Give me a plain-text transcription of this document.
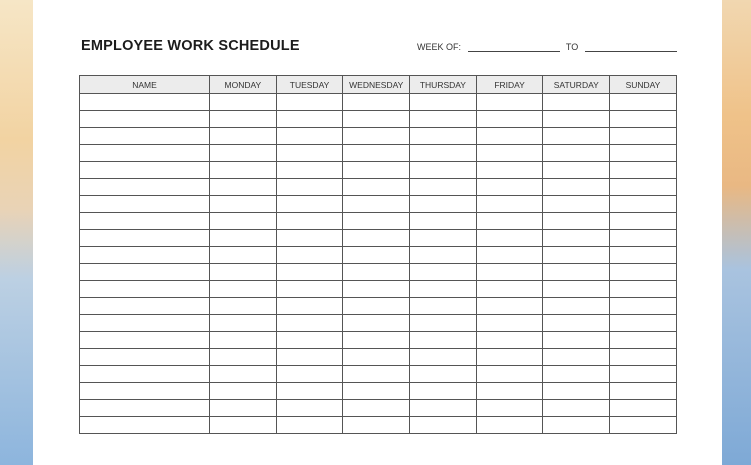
EMPLOYEE WORK SCHEDULE	WEEK OF:	TO
NAME	MONDAY	TUESDAY	WEDNESDAY	THURSDAY	FRIDAY	SATURDAY	SUNDAY
